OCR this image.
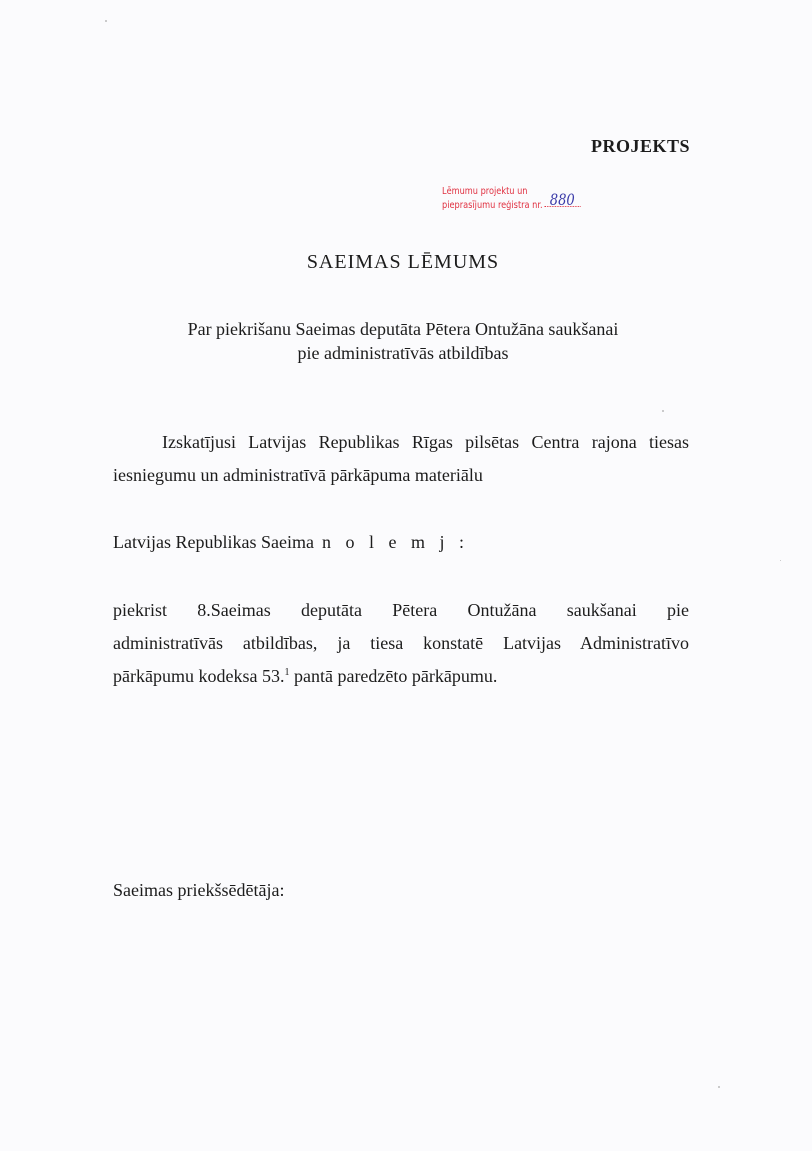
PROJEKTS
Lēmumu projektu un
pieprasījumu reģistra nr. 880
SAEIMAS LĒMUMS
Par piekrišanu Saeimas deputāta Pētera Ontužāna saukšanai
pie administratīvās atbildības
Izskatījusi Latvijas Republikas Rīgas pilsētas Centra rajona tiesas
iesniegumu un administratīvā pārkāpuma materiālu
Latvijas Republikas Saeima n o l e m j :
piekrist 8.Saeimas deputāta Pētera Ontužāna saukšanai pie
administratīvās atbildības, ja tiesa konstatē Latvijas Administratīvo
pārkāpumu kodeksa 53.$^1$ pantā paredzēto pārkāpumu.
Saeimas priekšsēdētāja:
